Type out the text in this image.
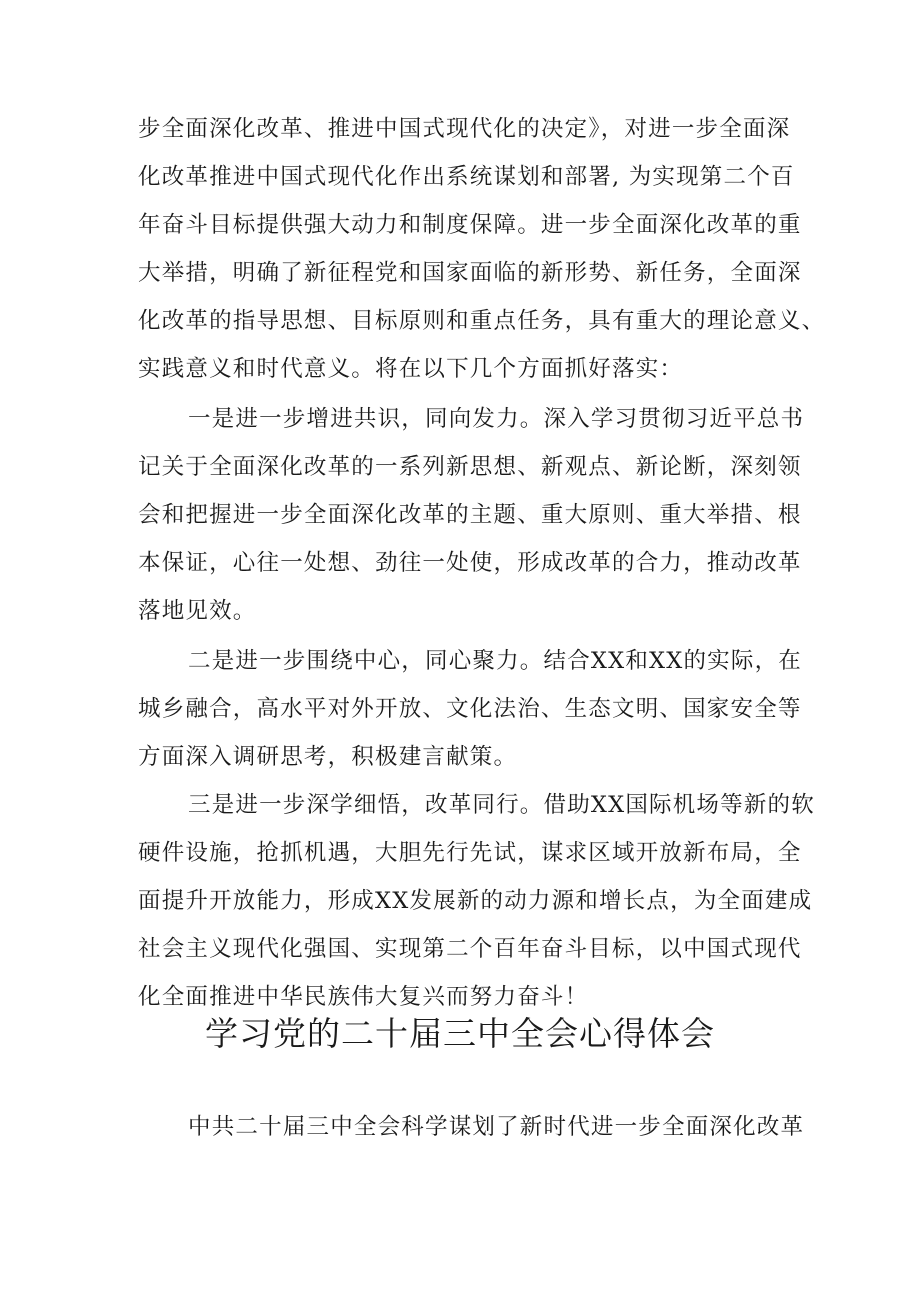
步全面深化改革、推进中国式现代化的决定》，对进一步全面深
化改革推进中国式现代化作出系统谋划和部署, 为实现第二个百
年奋斗目标提供强大动力和制度保障。进一步全面深化改革的重
大举措，明确了新征程党和国家面临的新形势、新任务，全面深
化改革的指导思想、目标原则和重点任务，具有重大的理论意义、
实践意义和时代意义。将在以下几个方面抓好落实：
一是进一步增进共识，同向发力。深入学习贯彻习近平总书
记关于全面深化改革的一系列新思想、新观点、新论断，深刻领
会和把握进一步全面深化改革的主题、重大原则、重大举措、根
本保证，心往一处想、劲往一处使，形成改革的合力，推动改革
落地见效。
二是进一步围绕中心，同心聚力。结合XX和XX的实际，在
城乡融合，高水平对外开放、文化法治、生态文明、国家安全等
方面深入调研思考，积极建言献策。
三是进一步深学细悟，改革同行。借助XX国际机场等新的软
硬件设施，抢抓机遇，大胆先行先试，谋求区域开放新布局，全
面提升开放能力，形成XX发展新的动力源和增长点，为全面建成
社会主义现代化强国、实现第二个百年奋斗目标，以中国式现代
化全面推进中华民族伟大复兴而努力奋斗！
学习党的二十届三中全会心得体会
中共二十届三中全会科学谋划了新时代进一步全面深化改革
